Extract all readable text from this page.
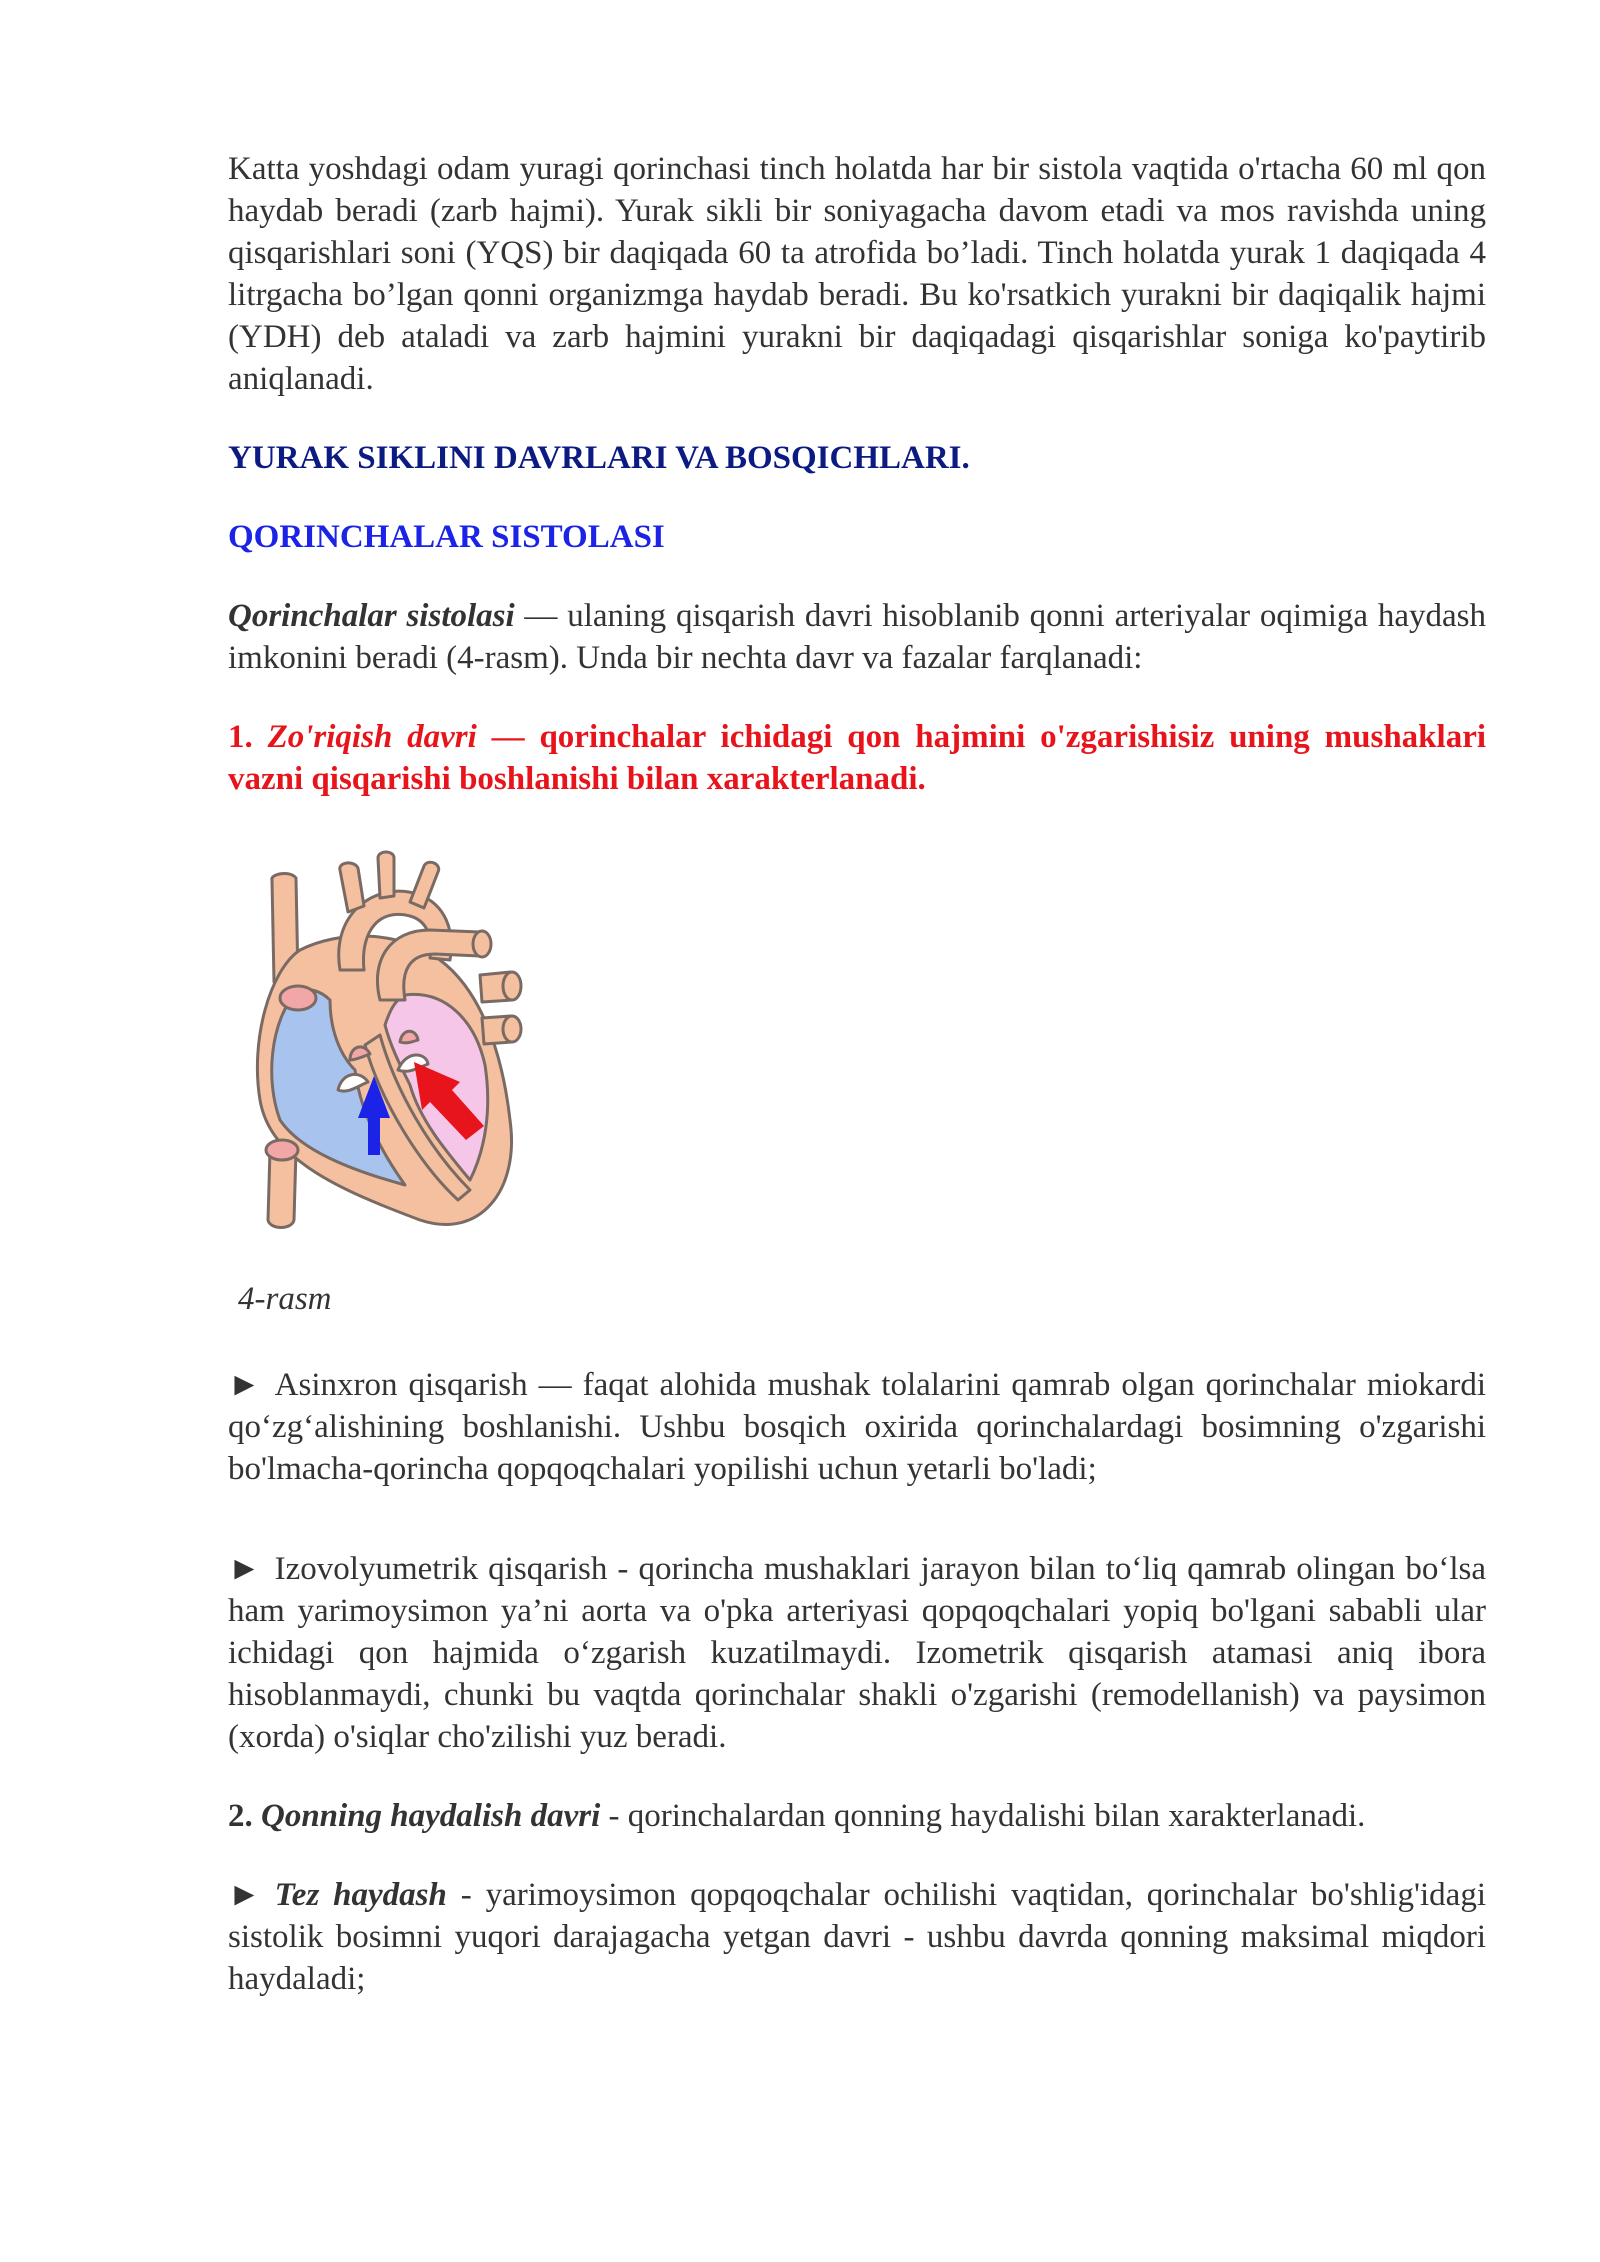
Katta yoshdagi odam yuragi qorinchasi tinch holatda har bir sistola vaqtida o'rtacha 60 ml qon haydab beradi (zarb hajmi). Yurak sikli bir soniyagacha davom etadi va mos ravishda uning qisqarishlari soni (YQS) bir daqiqada 60 ta atrofida bo’ladi. Tinch holatda yurak 1 daqiqada 4 litrgacha bo’lgan qonni organizmga haydab beradi. Bu ko'rsatkich yurakni bir daqiqalik hajmi (YDH) deb ataladi va zarb hajmini yurakni bir daqiqadagi qisqarishlar soniga ko'paytirib aniqlanadi.

YURAK SIKLINI DAVRLARI VA BOSQICHLARI.
QORINCHALAR SISTOLASI

Qorinchalar sistolasi — ulaning qisqarish davri hisoblanib qonni arteriyalar oqimiga haydash imkonini beradi (4-rasm). Unda bir nechta davr va fazalar farqlanadi:

1. Zo'riqish davri — qorinchalar ichidagi qon hajmini o'zgarishisiz uning mushaklari vazni qisqarishi boshlanishi bilan xarakterlanadi.

4-rasm

► Asinxron qisqarish — faqat alohida mushak tolalarini qamrab olgan qorinchalar miokardi qo‘zg‘alishining boshlanishi. Ushbu bosqich oxirida qorinchalardagi bosimning o'zgarishi bo'lmacha-qorincha qopqoqchalari yopilishi uchun yetarli bo'ladi;

► Izovolyumetrik qisqarish - qorincha mushaklari jarayon bilan to‘liq qamrab olingan bo‘lsa ham yarimoysimon ya’ni aorta va o'pka arteriyasi qopqoqchalari yopiq bo'lgani sababli ular ichidagi qon hajmida o‘zgarish kuzatilmaydi. Izometrik qisqarish atamasi aniq ibora hisoblanmaydi, chunki bu vaqtda qorinchalar shakli o'zgarishi (remodellanish) va paysimon (xorda) o'siqlar cho'zilishi yuz beradi.

2. Qonning haydalish davri - qorinchalardan qonning haydalishi bilan xarakterlanadi.

► Tez haydash - yarimoysimon qopqoqchalar ochilishi vaqtidan, qorinchalar bo'shlig'idagi sistolik bosimni yuqori darajagacha yetgan davri - ushbu davrda qonning maksimal miqdori haydaladi;
